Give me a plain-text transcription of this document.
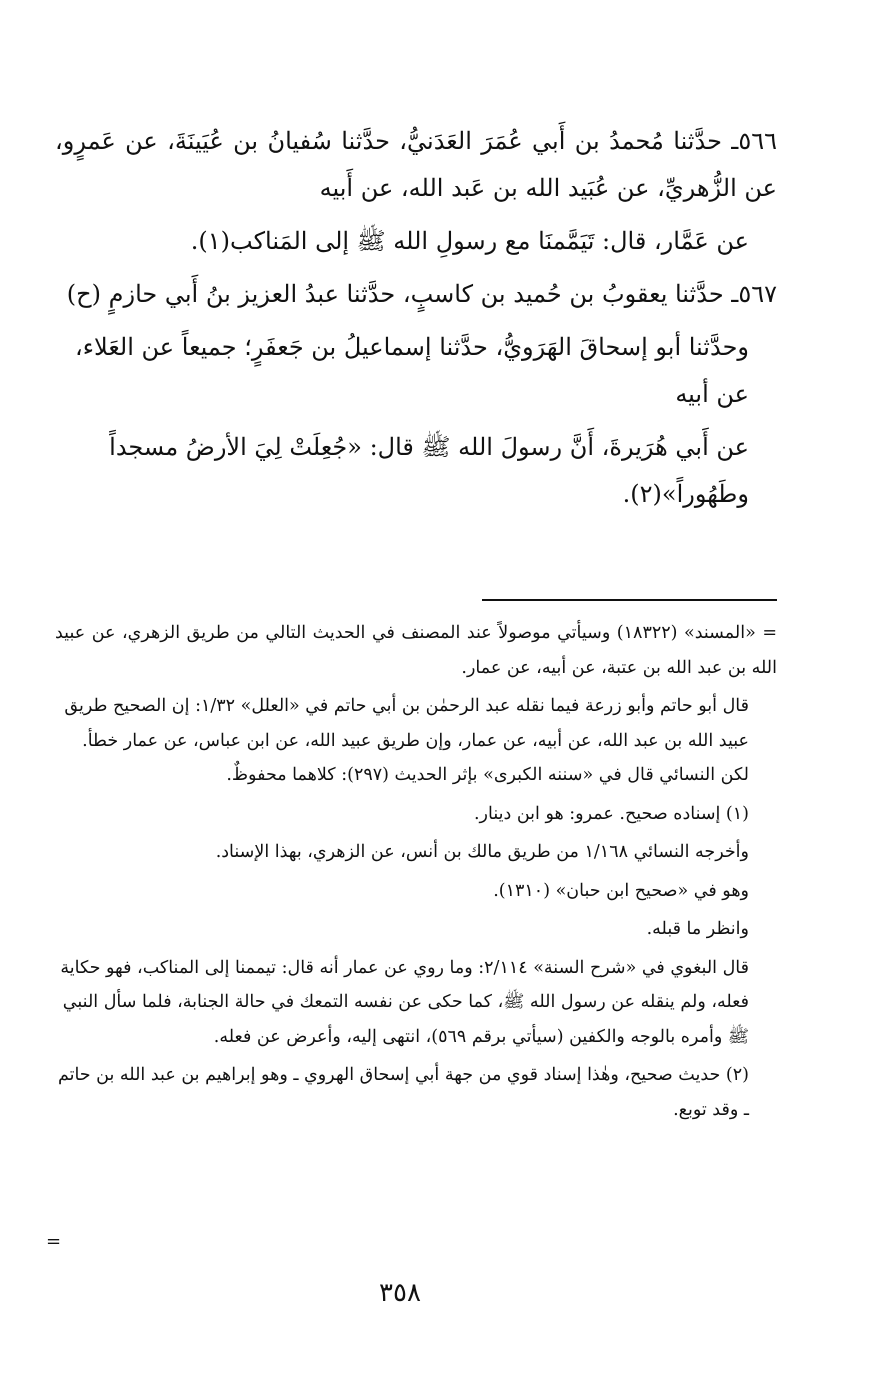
٥٦٦ـ حدَّثنا مُحمدُ بن أَبي عُمَرَ العَدَنيُّ، حدَّثنا سُفيانُ بن عُيَينَةَ، عن عَمرٍو، عن الزُّهريِّ، عن عُبَيد الله بن عَبد الله، عن أَبيه

عن عَمَّار، قال: تَيَمَّمنَا مع رسولِ الله ﷺ إلى المَناكب(١).

٥٦٧ـ حدَّثنا يعقوبُ بن حُميد بن كاسبٍ، حدَّثنا عبدُ العزيز بنُ أَبي حازمٍ (ح)

وحدَّثنا أبو إسحاقَ الهَرَويُّ، حدَّثنا إسماعيلُ بن جَعفَرٍ؛ جميعاً عن العَلاء، عن أبيه

عن أَبي هُرَيرةَ، أَنَّ رسولَ الله ﷺ قال: «جُعِلَتْ لِيَ الأرضُ مسجداً وطَهُوراً»(٢).

= «المسند» (١٨٣٢٢) وسيأتي موصولاً عند المصنف في الحديث التالي من طريق الزهري، عن عبيد الله بن عبد الله بن عتبة، عن أبيه، عن عمار.

قال أبو حاتم وأبو زرعة فيما نقله عبد الرحمٰن بن أبي حاتم في «العلل» ١/٣٢: إن الصحيح طريق عبيد الله بن عبد الله، عن أبيه، عن عمار، وإن طريق عبيد الله، عن ابن عباس، عن عمار خطأ. لكن النسائي قال في «سننه الكبرى» بإثر الحديث (٢٩٧): كلاهما محفوظٌ.

(١) إسناده صحيح. عمرو: هو ابن دينار.

وأخرجه النسائي ١/١٦٨ من طريق مالك بن أنس، عن الزهري، بهذا الإسناد.

وهو في «صحيح ابن حبان» (١٣١٠).

وانظر ما قبله.

قال البغوي في «شرح السنة» ٢/١١٤: وما روي عن عمار أنه قال: تيممنا إلى المناكب، فهو حكاية فعله، ولم ينقله عن رسول الله ﷺ، كما حكى عن نفسه التمعك في حالة الجنابة، فلما سأل النبي ﷺ وأمره بالوجه والكفين (سيأتي برقم ٥٦٩)، انتهى إليه، وأعرض عن فعله.

(٢) حديث صحيح، وهٰذا إسناد قوي من جهة أبي إسحاق الهروي ـ وهو إبراهيم بن عبد الله بن حاتم ـ وقد توبع.

=
٣٥٨
